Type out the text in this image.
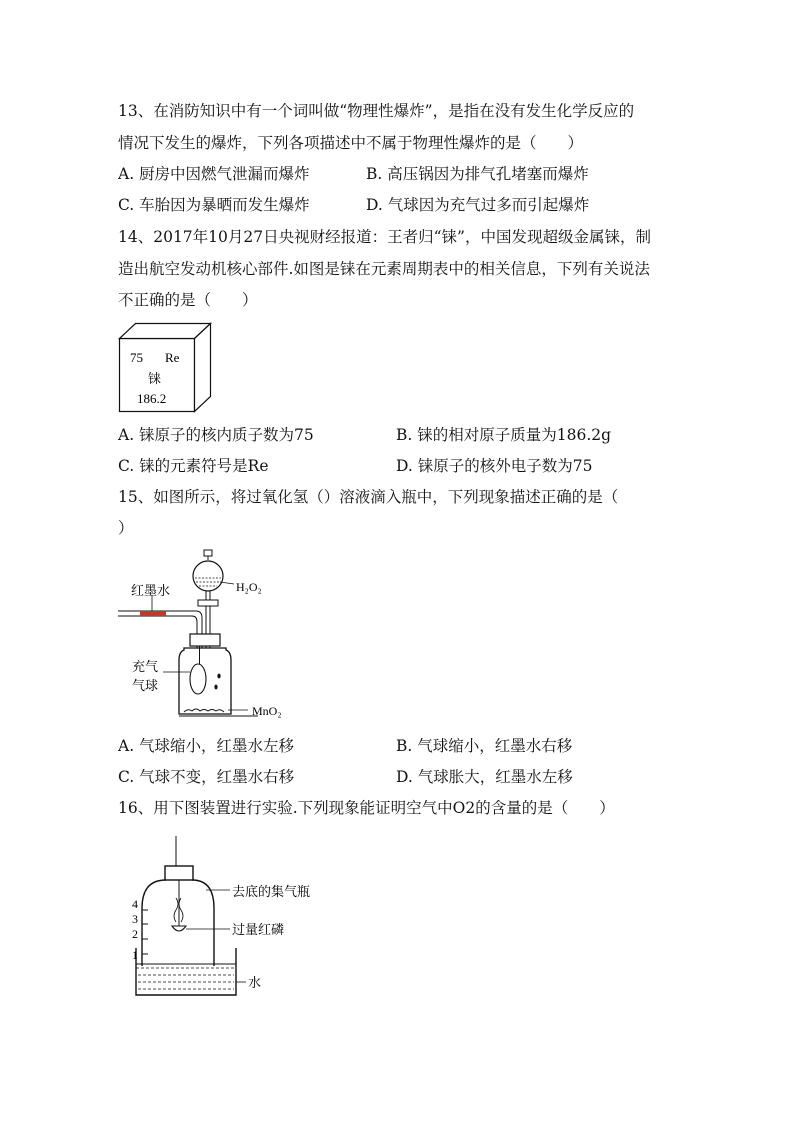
13、在消防知识中有一个词叫做“物理性爆炸”，是指在没有发生化学反应的
情况下发生的爆炸，下列各项描述中不属于物理性爆炸的是（　　）
A. 厨房中因燃气泄漏而爆炸	B. 高压锅因为排气孔堵塞而爆炸
C. 车胎因为暴晒而发生爆炸	D. 气球因为充气过多而引起爆炸
14、2017年10月27日央视财经报道：王者归“铼”，中国发现超级金属铼，制
造出航空发动机核心部件.如图是铼在元素周期表中的相关信息，下列有关说法
不正确的是（　　）
75 Re
铼
186.2
A. 铼原子的核内质子数为75	B. 铼的相对原子质量为186.2g
C. 铼的元素符号是Re	D. 铼原子的核外电子数为75
15、如图所示，将过氧化氢（）溶液滴入瓶中，下列现象描述正确的是（
）
红墨水	H₂O₂
充气
气球
MnO₂
A. 气球缩小，红墨水左移	B. 气球缩小，红墨水右移
C. 气球不变，红墨水右移	D. 气球胀大，红墨水左移
16、用下图装置进行实验.下列现象能证明空气中O2的含量的是（　　）
4
3
2
1
去底的集气瓶
过量红磷
水
